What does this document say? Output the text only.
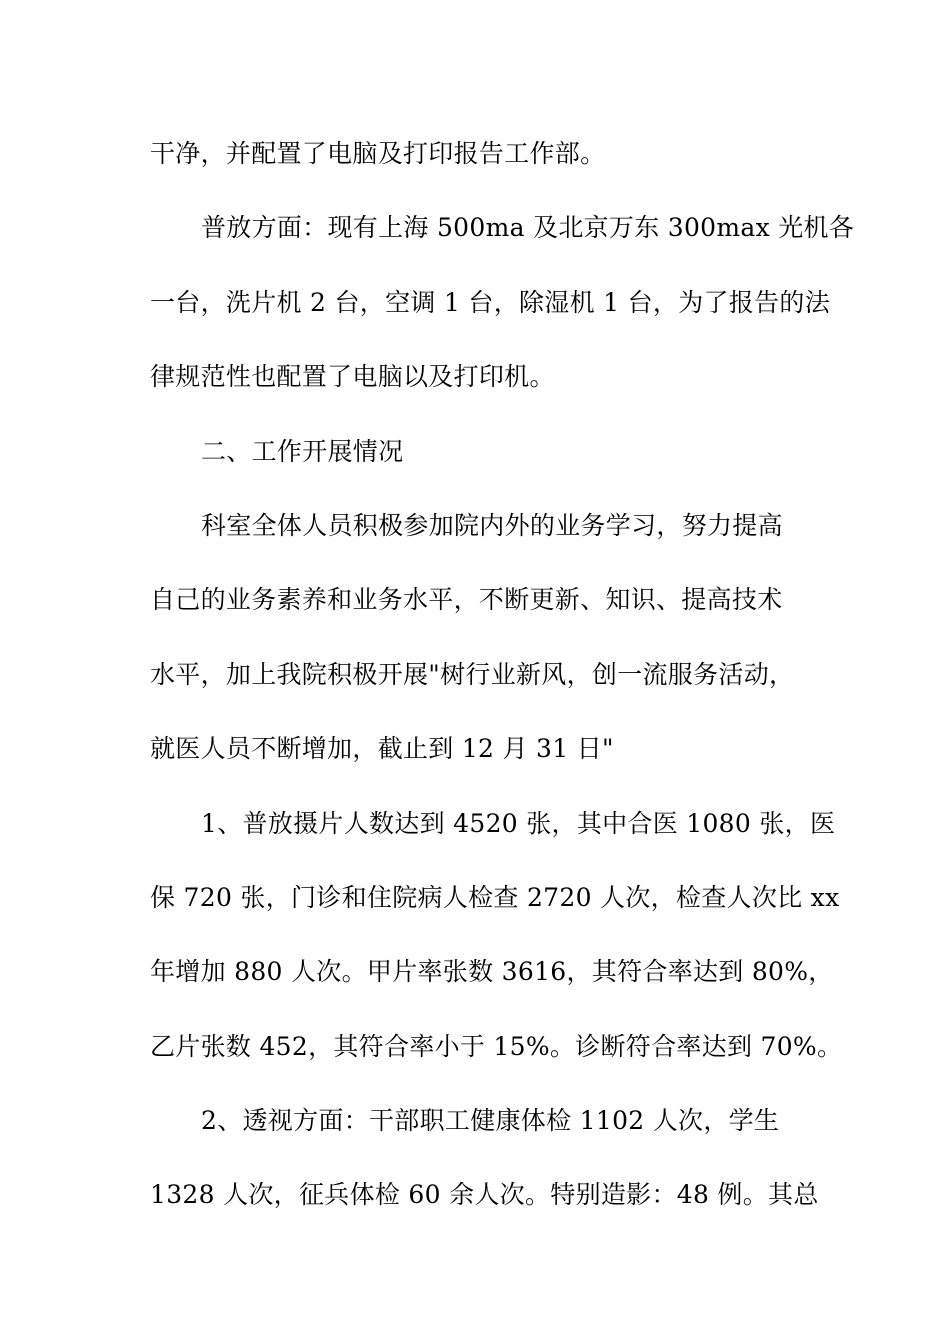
干净，并配置了电脑及打印报告工作部。
普放方面：现有上海 500ma 及北京万东 300max 光机各
一台，洗片机 2 台，空调 1 台，除湿机 1 台，为了报告的法
律规范性也配置了电脑以及打印机。
二、工作开展情况
科室全体人员积极参加院内外的业务学习，努力提高
自己的业务素养和业务水平，不断更新、知识、提高技术
水平，加上我院积极开展"树行业新风，创一流服务活动，
就医人员不断增加，截止到 12 月 31 日"
1、普放摄片人数达到 4520 张，其中合医 1080 张，医
保 720 张，门诊和住院病人检查 2720 人次，检查人次比 xx
年增加 880 人次。甲片率张数 3616，其符合率达到 80%，
乙片张数 452，其符合率小于 15%。诊断符合率达到 70%。
2、透视方面：干部职工健康体检 1102 人次，学生
1328 人次，征兵体检 60 余人次。特别造影：48 例。其总
